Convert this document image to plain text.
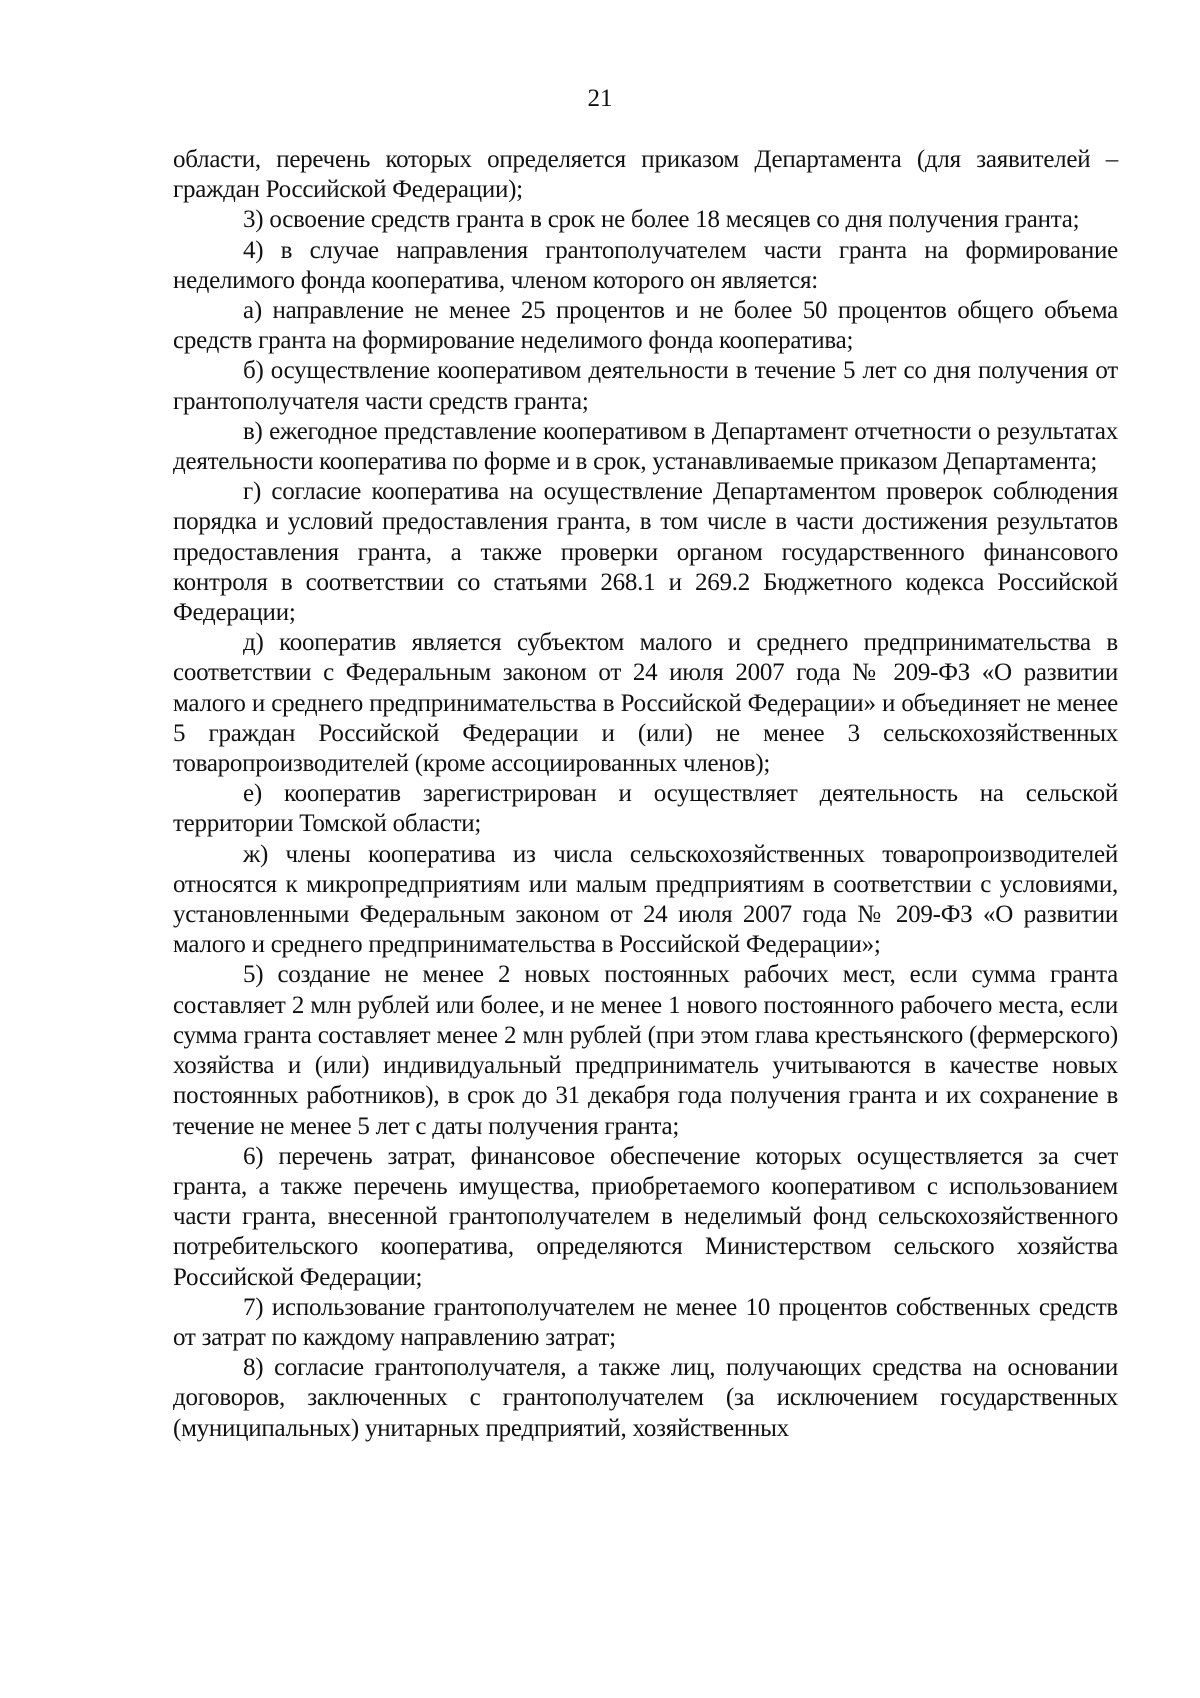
21

области, перечень которых определяется приказом Департамента (для заявителей – граждан Российской Федерации);

3) освоение средств гранта в срок не более 18 месяцев со дня получения гранта;

4) в случае направления грантополучателем части гранта на формирование неделимого фонда кооператива, членом которого он является:

а) направление не менее 25 процентов и не более 50 процентов общего объема средств гранта на формирование неделимого фонда кооператива;

б) осуществление кооперативом деятельности в течение 5 лет со дня получения от грантополучателя части средств гранта;

в) ежегодное представление кооперативом в Департамент отчетности о результатах деятельности кооператива по форме и в срок, устанавливаемые приказом Департамента;

г) согласие кооператива на осуществление Департаментом проверок соблюдения порядка и условий предоставления гранта, в том числе в части достижения результатов предоставления гранта, а также проверки органом государственного финансового контроля в соответствии со статьями 268.1 и 269.2 Бюджетного кодекса Российской Федерации;

д) кооператив является субъектом малого и среднего предпринимательства в соответствии с Федеральным законом от 24 июля 2007 года № 209-ФЗ «О развитии малого и среднего предпринимательства в Российской Федерации» и объединяет не менее 5 граждан Российской Федерации и (или) не менее 3 сельскохозяйственных товаропроизводителей (кроме ассоциированных членов);

е) кооператив зарегистрирован и осуществляет деятельность на сельской территории Томской области;

ж) члены кооператива из числа сельскохозяйственных товаропроизводителей относятся к микропредприятиям или малым предприятиям в соответствии с условиями, установленными Федеральным законом от 24 июля 2007 года № 209-ФЗ «О развитии малого и среднего предпринимательства в Российской Федерации»;

5) создание не менее 2 новых постоянных рабочих мест, если сумма гранта составляет 2 млн рублей или более, и не менее 1 нового постоянного рабочего места, если сумма гранта составляет менее 2 млн рублей (при этом глава крестьянского (фермерского) хозяйства и (или) индивидуальный предприниматель учитываются в качестве новых постоянных работников), в срок до 31 декабря года получения гранта и их сохранение в течение не менее 5 лет с даты получения гранта;

6) перечень затрат, финансовое обеспечение которых осуществляется за счет гранта, а также перечень имущества, приобретаемого кооперативом с использованием части гранта, внесенной грантополучателем в неделимый фонд сельскохозяйственного потребительского кооператива, определяются Министерством сельского хозяйства Российской Федерации;

7) использование грантополучателем не менее 10 процентов собственных средств от затрат по каждому направлению затрат;

8) согласие грантополучателя, а также лиц, получающих средства на основании договоров, заключенных с грантополучателем (за исключением государственных (муниципальных) унитарных предприятий, хозяйственных
